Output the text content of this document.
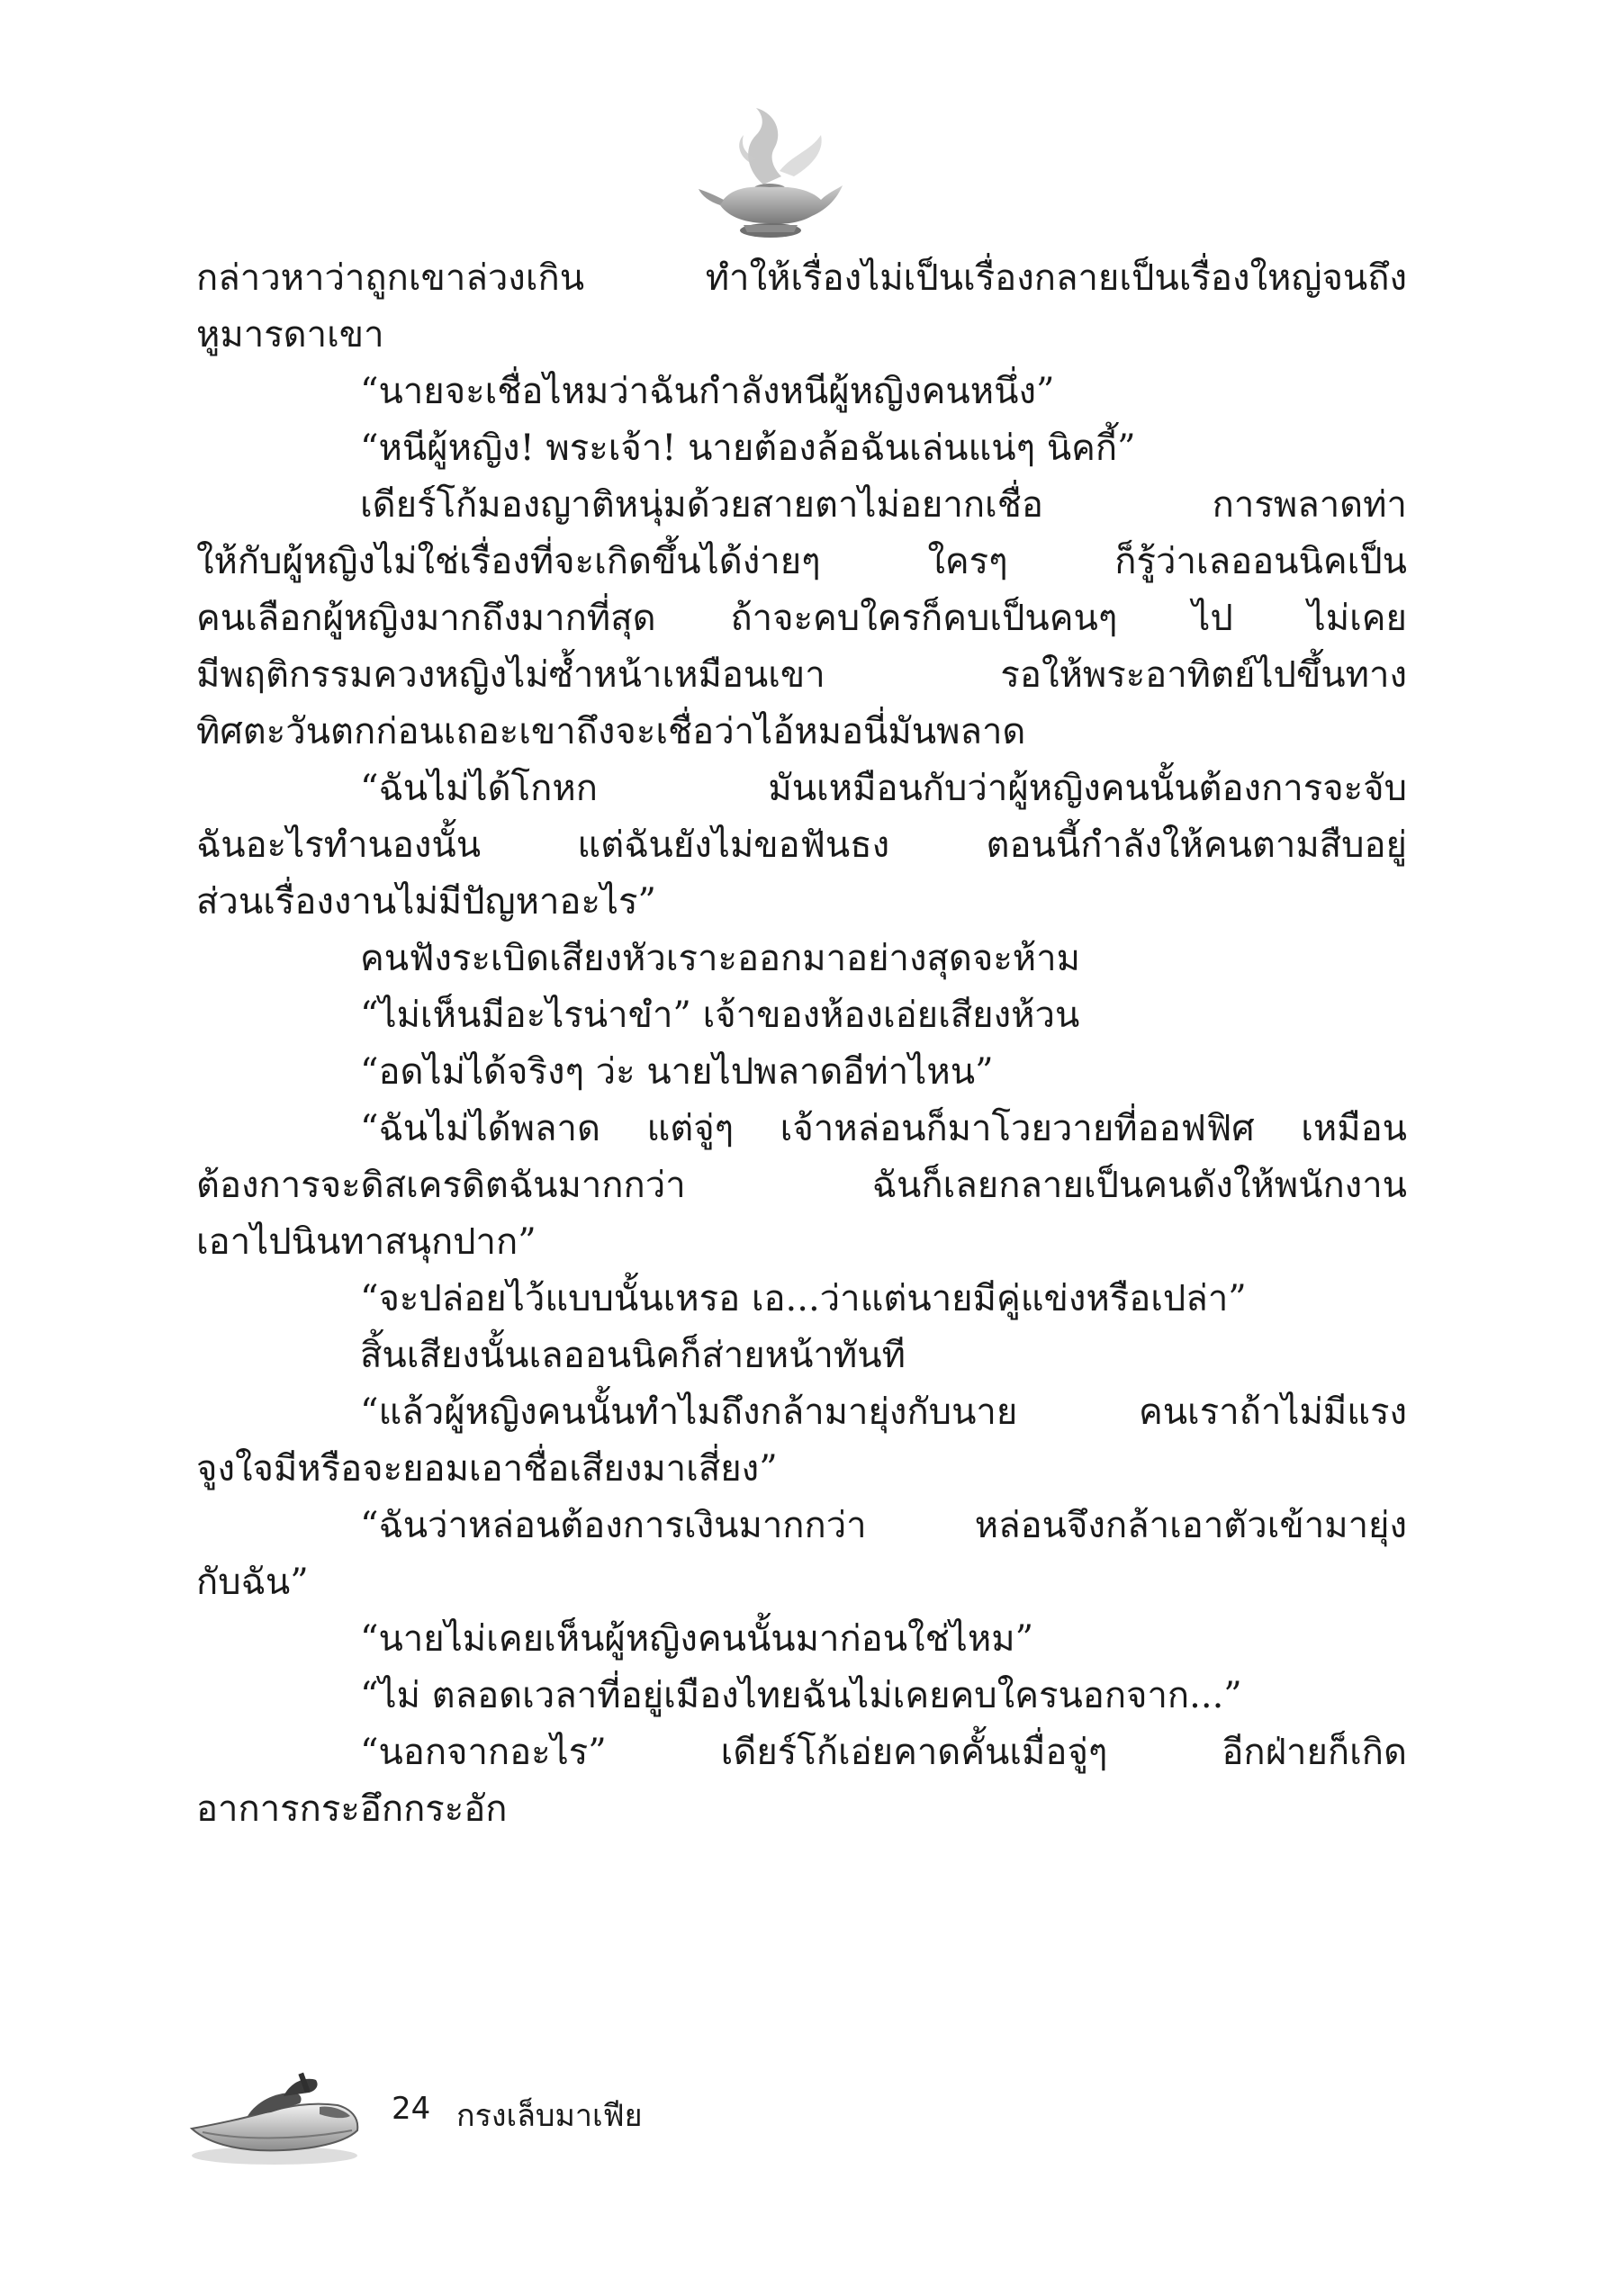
กล่าวหาว่าถูกเขาล่วงเกิน ทำให้เรื่องไม่เป็นเรื่องกลายเป็นเรื่องใหญ่จนถึง

หูมารดาเขา

“นายจะเชื่อไหมว่าฉันกำลังหนีผู้หญิงคนหนึ่ง”

“หนีผู้หญิง! พระเจ้า! นายต้องล้อฉันเล่นแน่ๆ นิคกี้”

เดียร์โก้มองญาติหนุ่มด้วยสายตาไม่อยากเชื่อ การพลาดท่า

ให้กับผู้หญิงไม่ใช่เรื่องที่จะเกิดขึ้นได้ง่ายๆ ใครๆ ก็รู้ว่าเลออนนิคเป็น

คนเลือกผู้หญิงมากถึงมากที่สุด ถ้าจะคบใครก็คบเป็นคนๆ ไป ไม่เคย

มีพฤติกรรมควงหญิงไม่ซ้ำหน้าเหมือนเขา รอให้พระอาทิตย์ไปขึ้นทาง

ทิศตะวันตกก่อนเถอะเขาถึงจะเชื่อว่าไอ้หมอนี่มันพลาด

“ฉันไม่ได้โกหก มันเหมือนกับว่าผู้หญิงคนนั้นต้องการจะจับ

ฉันอะไรทำนองนั้น แต่ฉันยังไม่ขอฟันธง ตอนนี้กำลังให้คนตามสืบอยู่

ส่วนเรื่องงานไม่มีปัญหาอะไร”

คนฟังระเบิดเสียงหัวเราะออกมาอย่างสุดจะห้าม

“ไม่เห็นมีอะไรน่าขำ” เจ้าของห้องเอ่ยเสียงห้วน

“อดไม่ได้จริงๆ ว่ะ นายไปพลาดอีท่าไหน”

“ฉันไม่ได้พลาด แต่จู่ๆ เจ้าหล่อนก็มาโวยวายที่ออฟฟิศ เหมือน

ต้องการจะดิสเครดิตฉันมากกว่า ฉันก็เลยกลายเป็นคนดังให้พนักงาน

เอาไปนินทาสนุกปาก”

“จะปล่อยไว้แบบนั้นเหรอ เอ...ว่าแต่นายมีคู่แข่งหรือเปล่า”

สิ้นเสียงนั้นเลออนนิคก็ส่ายหน้าทันที

“แล้วผู้หญิงคนนั้นทำไมถึงกล้ามายุ่งกับนาย คนเราถ้าไม่มีแรง

จูงใจมีหรือจะยอมเอาชื่อเสียงมาเสี่ยง”

“ฉันว่าหล่อนต้องการเงินมากกว่า หล่อนจึงกล้าเอาตัวเข้ามายุ่ง

กับฉัน”

“นายไม่เคยเห็นผู้หญิงคนนั้นมาก่อนใช่ไหม”

“ไม่ ตลอดเวลาที่อยู่เมืองไทยฉันไม่เคยคบใครนอกจาก...”

“นอกจากอะไร” เดียร์โก้เอ่ยคาดคั้นเมื่อจู่ๆ อีกฝ่ายก็เกิด

อาการกระอึกกระอัก

24 กรงเล็บมาเฟีย
